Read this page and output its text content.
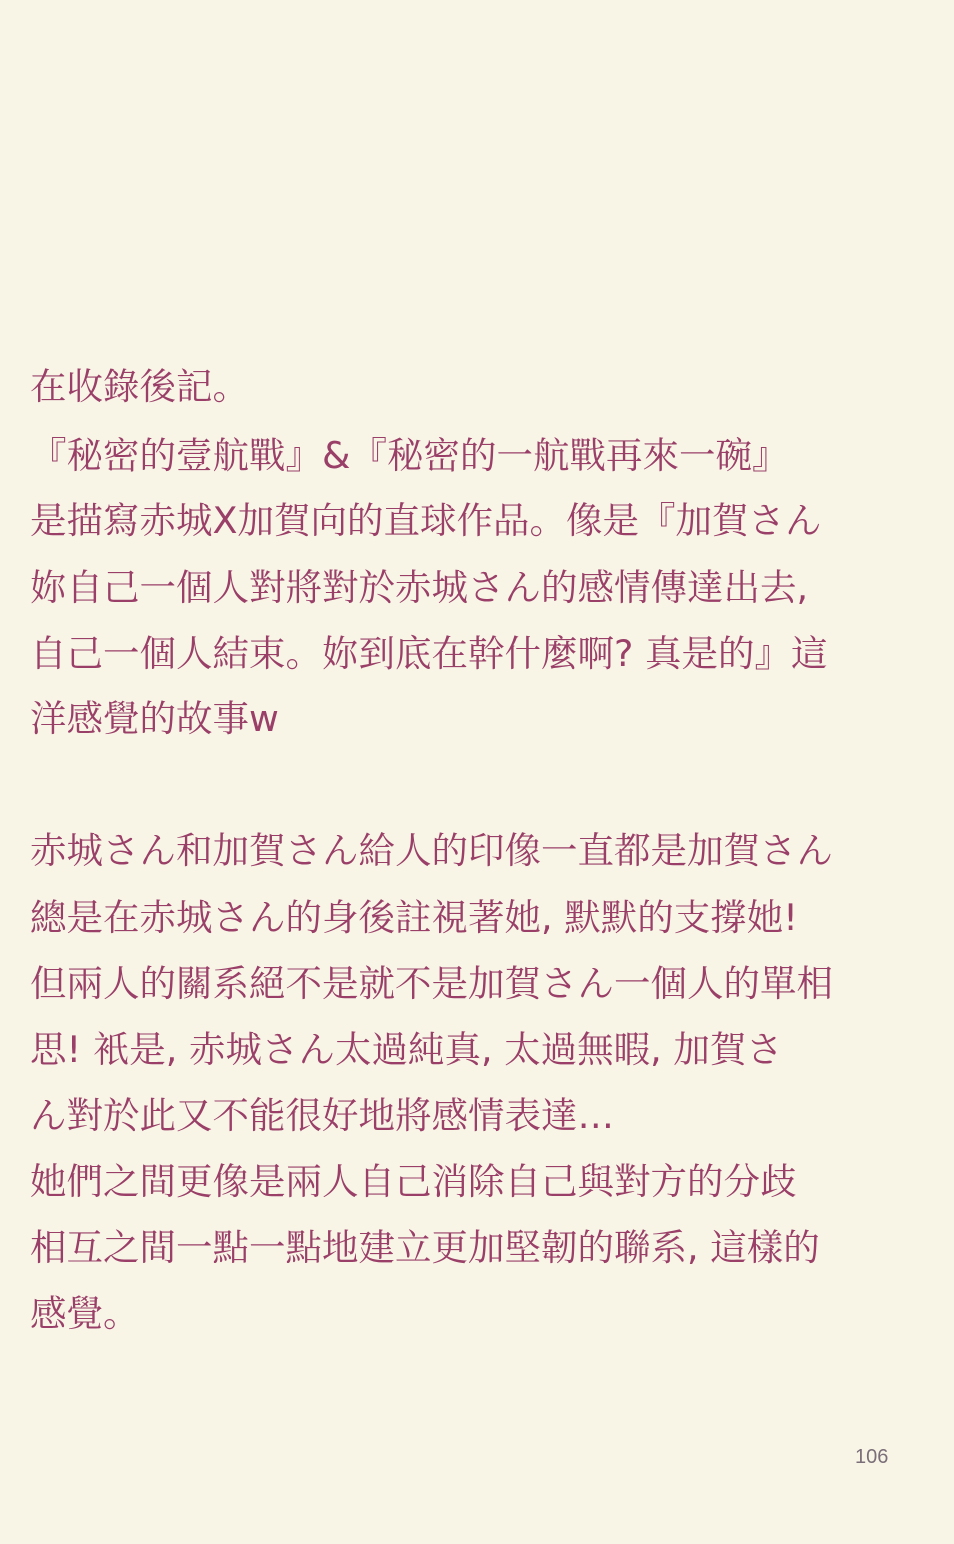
在收錄後記。
『秘密的壹航戰』&『秘密的一航戰再來一碗』
是描寫赤城X加賀向的直球作品。像是『加賀さん
妳自己一個人對將對於赤城さん的感情傳達出去,
自己一個人結束。妳到底在幹什麼啊? 真是的』這
洋感覺的故事w
赤城さん和加賀さん給人的印像一直都是加賀さん
總是在赤城さん的身後註視著她, 默默的支撐她!
但兩人的關系絕不是就不是加賀さん一個人的單相
思! 衹是, 赤城さん太過純真, 太過無暇, 加賀さ
ん對於此又不能很好地將感情表達…
她們之間更像是兩人自己消除自己與對方的分歧
相互之間一點一點地建立更加堅韌的聯系, 這樣的
感覺。
106
